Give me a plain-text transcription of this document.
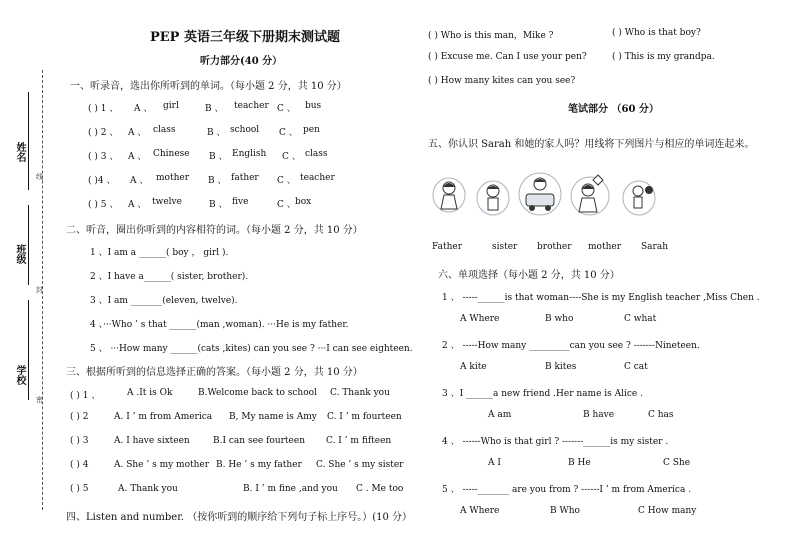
姓名
班级
学校
线
封
密
PEP 英语三年级下册期末测试题
听力部分(40 分）
一、听录音，选出你所听到的单词。（每小题 2 分，共 10 分）
( ) 1 、 A 、 girl	B 、 teacher C 、 bus
( ) 2 、 A 、 class	B 、 school C 、 pen
( ) 3 、 A 、 Chinese B 、 English C 、 class
( )4 、 A 、 mother B 、 father C 、 teacher
( ) 5 、 A 、 twelve	B 、 five	C 、 box
二、听音，圈出你听到的内容相符的词。（每小题 2 分，共 10 分）
1 、I am a ______( boy ， girl ).
2 、I have a______( sister, brother).
3 、I am _______(eleven, twelve).
4 、···Who ’ s that ______(man ,woman). ···He is my father.
5 、 ···How many ______(cats ,kites) can you see ? ···I can see eighteen.
三、根据所听到的信息选择正确的答案。（每小题 2 分，共 10 分）
( ) 1 、	A .It is Ok	B.Welcome back to school C. Thank you
( ) 2	A. I ’ m from America B, My name is Amy C. I ’ m fourteen
( ) 3	A. I have sixteen	B.I can see fourteen C. I ’ m fifteen
( ) 4	A. She ’ s my mother B. He ’ s my father C. She ’ s my sister
( ) 5	A. Thank you	B. I ’ m fine ,and you C . Me too
四、Listen and number. （按你听到的顺序给下列句子标上序号。）(10 分）
( ) Who is this man，Mike ?	( ) Who is that boy?
( ) Excuse me. Can I use your pen?	( ) This is my grandpa.
( ) How many kites can you see?
笔试部分 （60 分）
五、你认识 Sarah 和她的家人吗？用线将下列图片与相应的单词连起来。
Father	sister brother mother Sarah
六、单项选择（每小题 2 分，共 10 分）
1 、 -----______is that woman----She is my English teacher ,Miss Chen .
A Where	B who	C what
2 、 -----How many _________can you see ? -------Nineteen.
A kite	B kites	C cat
3 、I ______a new friend .Her name is Alice .
A am	B have	C has
4 、 ------Who is that girl ? -------______is my sister .
A I	B He	C She
5 、 -----_______ are you from ? ------I ’ m from America .
A Where	B Who	C How many
